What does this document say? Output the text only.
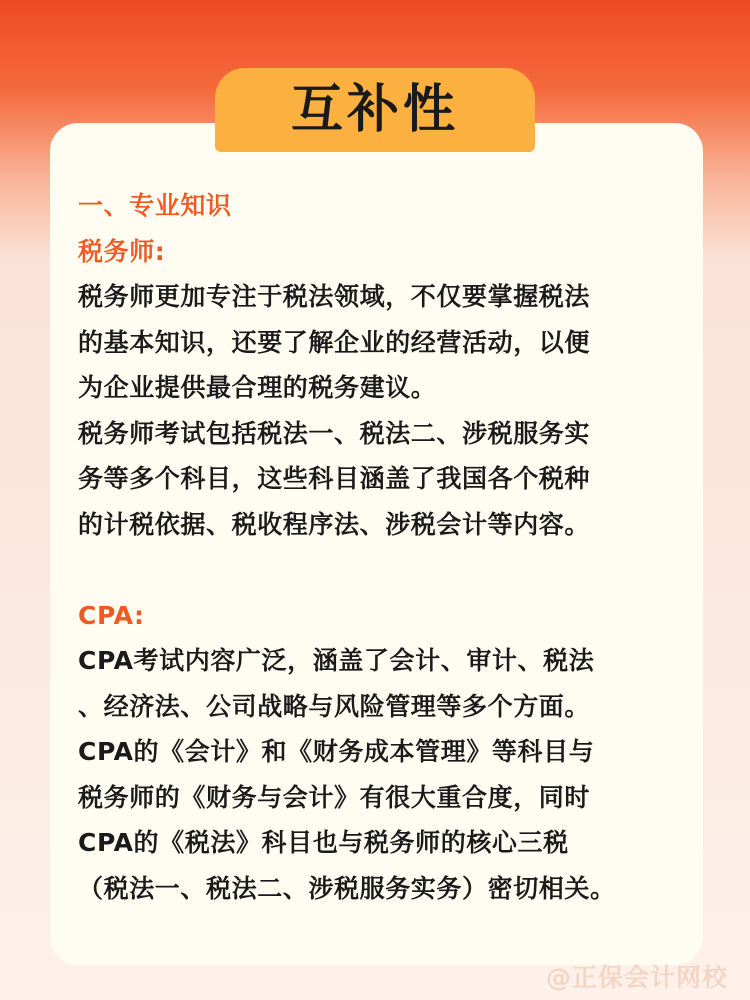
互补性
一、专业知识
税务师:
税务师更加专注于税法领域，不仅要掌握税法
的基本知识，还要了解企业的经营活动，以便
为企业提供最合理的税务建议。
税务师考试包括税法一、税法二、涉税服务实
务等多个科目，这些科目涵盖了我国各个税种
的计税依据、税收程序法、涉税会计等内容。
CPA:
CPA考试内容广泛，涵盖了会计、审计、税法
、经济法、公司战略与风险管理等多个方面。
CPA的《会计》和《财务成本管理》等科目与
税务师的《财务与会计》有很大重合度，同时
CPA的《税法》科目也与税务师的核心三税
（税法一、税法二、涉税服务实务）密切相关。
@正保会计网校
